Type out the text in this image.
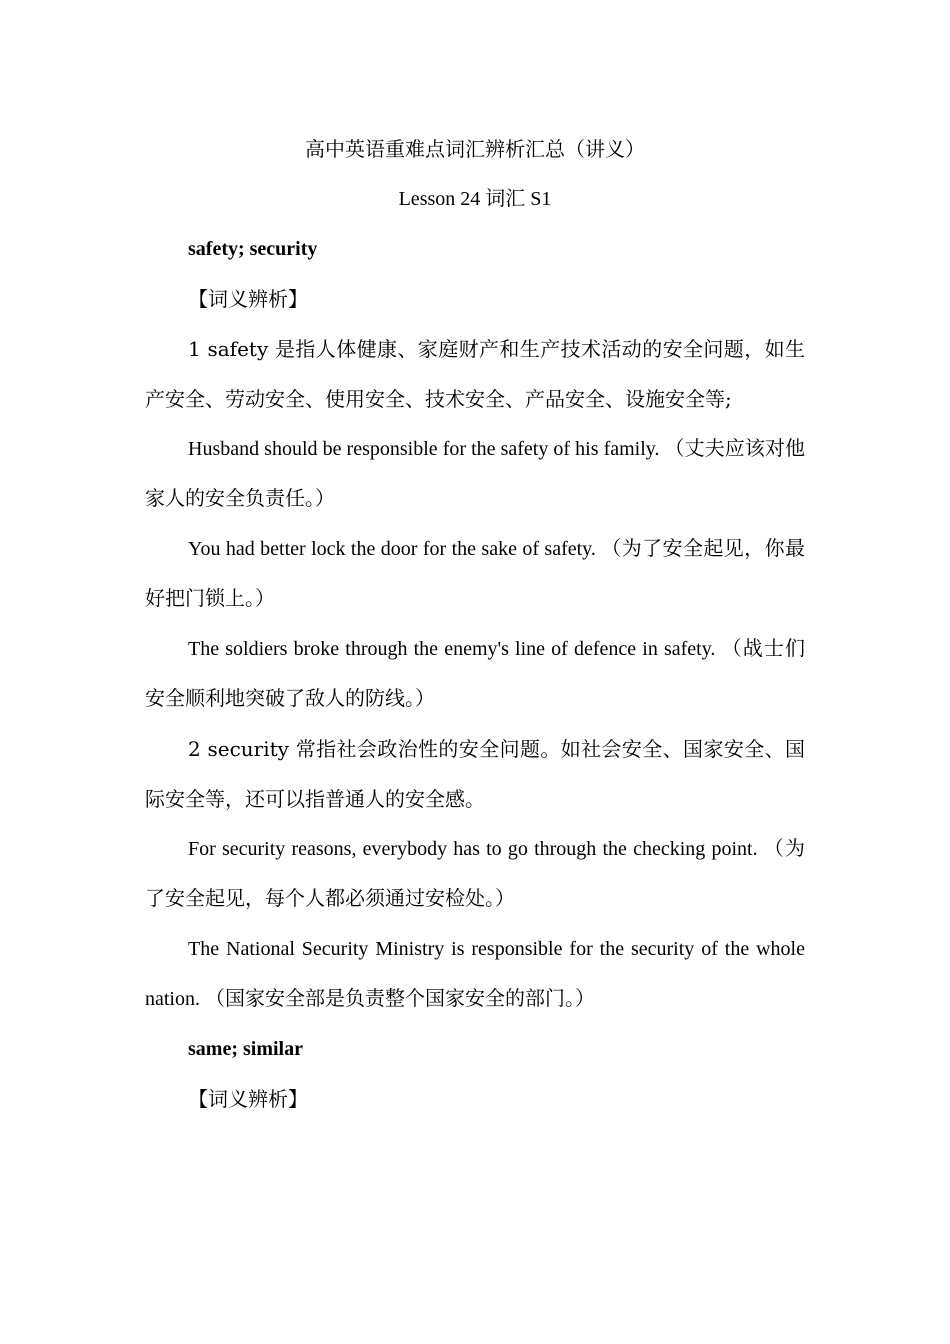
高中英语重难点词汇辨析汇总（讲义）

Lesson 24 词汇 S1

safety; security

【词义辨析】

1 safety 是指人体健康、家庭财产和生产技术活动的安全问题，如生产安全、劳动安全、使用安全、技术安全、产品安全、设施安全等;

Husband should be responsible for the safety of his family. （丈夫应该对他家人的安全负责任。）

You had better lock the door for the sake of safety. （为了安全起见，你最好把门锁上。）

The soldiers broke through the enemy's line of defence in safety. （战士们安全顺利地突破了敌人的防线。）

2 security 常指社会政治性的安全问题。如社会安全、国家安全、国际安全等，还可以指普通人的安全感。

For security reasons, everybody has to go through the checking point. （为了安全起见，每个人都必须通过安检处。）

The National Security Ministry is responsible for the security of the whole nation. （国家安全部是负责整个国家安全的部门。）

same; similar

【词义辨析】
